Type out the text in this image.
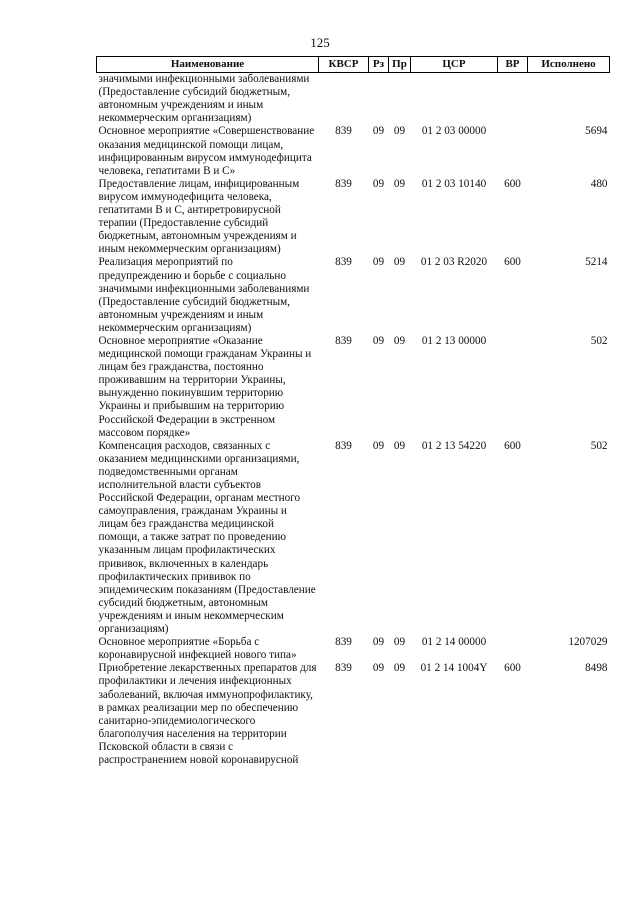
125
Наименование	КВСР	Рз	Пр	ЦСР	ВР	Исполнено
значимыми инфекционными заболеваниями (Предоставление субсидий бюджетным, автономным учреждениям и иным некоммерческим организациям)						
Основное мероприятие «Совершенствование оказания медицинской помощи лицам, инфицированным вирусом иммунодефицита человека, гепатитами В и С»	839	09	09	01 2 03 00000		5694
Предоставление лицам, инфицированным вирусом иммунодефицита человека, гепатитами В и С, антиретровирусной терапии (Предоставление субсидий бюджетным, автономным учреждениям и иным некоммерческим организациям)	839	09	09	01 2 03 10140	600	480
Реализация мероприятий по предупреждению и борьбе с социально значимыми инфекционными заболеваниями (Предоставление субсидий бюджетным, автономным учреждениям и иным некоммерческим организациям)	839	09	09	01 2 03 R2020	600	5214
Основное мероприятие «Оказание медицинской помощи гражданам Украины и лицам без гражданства, постоянно проживавшим на территории Украины, вынужденно покинувшим территорию Украины и прибывшим на территорию Российской Федерации в экстренном массовом порядке»	839	09	09	01 2 13 00000		502
Компенсация расходов, связанных с оказанием медицинскими организациями, подведомственными органам исполнительной власти субъектов Российской Федерации, органам местного самоуправления, гражданам Украины и лицам без гражданства медицинской помощи, а также затрат по проведению указанным лицам профилактических прививок, включенных в календарь профилактических прививок по эпидемическим показаниям (Предоставление субсидий бюджетным, автономным учреждениям и иным некоммерческим организациям)	839	09	09	01 2 13 54220	600	502
Основное мероприятие «Борьба с коронавирусной инфекцией нового типа»	839	09	09	01 2 14 00000		1207029
Приобретение лекарственных препаратов для профилактики и лечения инфекционных заболеваний, включая иммунопрофилактику, в рамках реализации мер по обеспечению санитарно-эпидемиологического благополучия населения на территории Псковской области в связи с распространением новой коронавирусной	839	09	09	01 2 14 1004Y	600	8498
